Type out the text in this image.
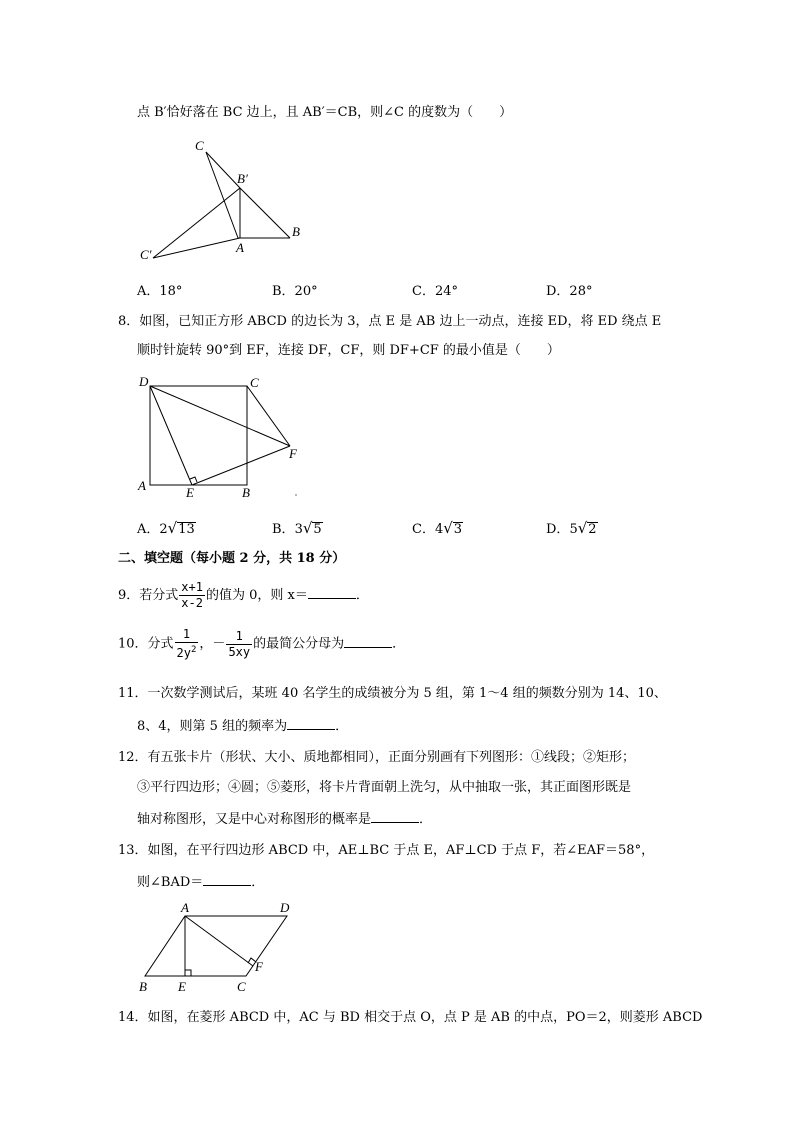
点 B′恰好落在 BC 边上，且 AB′＝CB，则∠C 的度数为（　　）
C
B′
C′	A
B
A．18°	B．20°	C．24°	D．28°
8．如图，已知正方形 ABCD 的边长为 3，点 E 是 AB 边上一动点，连接 ED，将 ED 绕点 E
顺时针旋转 90°到 EF，连接 DF，CF，则 DF+CF 的最小值是（　　）
D	C
F
A	E	B
A．2√13	B．3√5	C．4√3	D．5√2
二、填空题（每小题 2 分，共 18 分）
9．若分式 $\frac{x+1}{x-2}$ 的值为 0，则 x＝	．
10．分式 $\frac{1}{2y^2}$ ，－ $\frac{1}{5xy}$ 的最简公分母为	．
11．一次数学测试后，某班 40 名学生的成绩被分为 5 组，第 1～4 组的频数分别为 14、10、
8、4，则第 5 组的频率为	．
12．有五张卡片（形状、大小、质地都相同），正面分别画有下列图形：①线段；②矩形；
③平行四边形；④圆；⑤菱形，将卡片背面朝上洗匀，从中抽取一张，其正面图形既是
轴对称图形，又是中心对称图形的概率是	．
13．如图，在平行四边形 ABCD 中，AE⊥BC 于点 E，AF⊥CD 于点 F，若∠EAF＝58°，
则∠BAD＝	．
A	D
F
B E	C
14．如图，在菱形 ABCD 中，AC 与 BD 相交于点 O，点 P 是 AB 的中点，PO＝2，则菱形 ABCD
